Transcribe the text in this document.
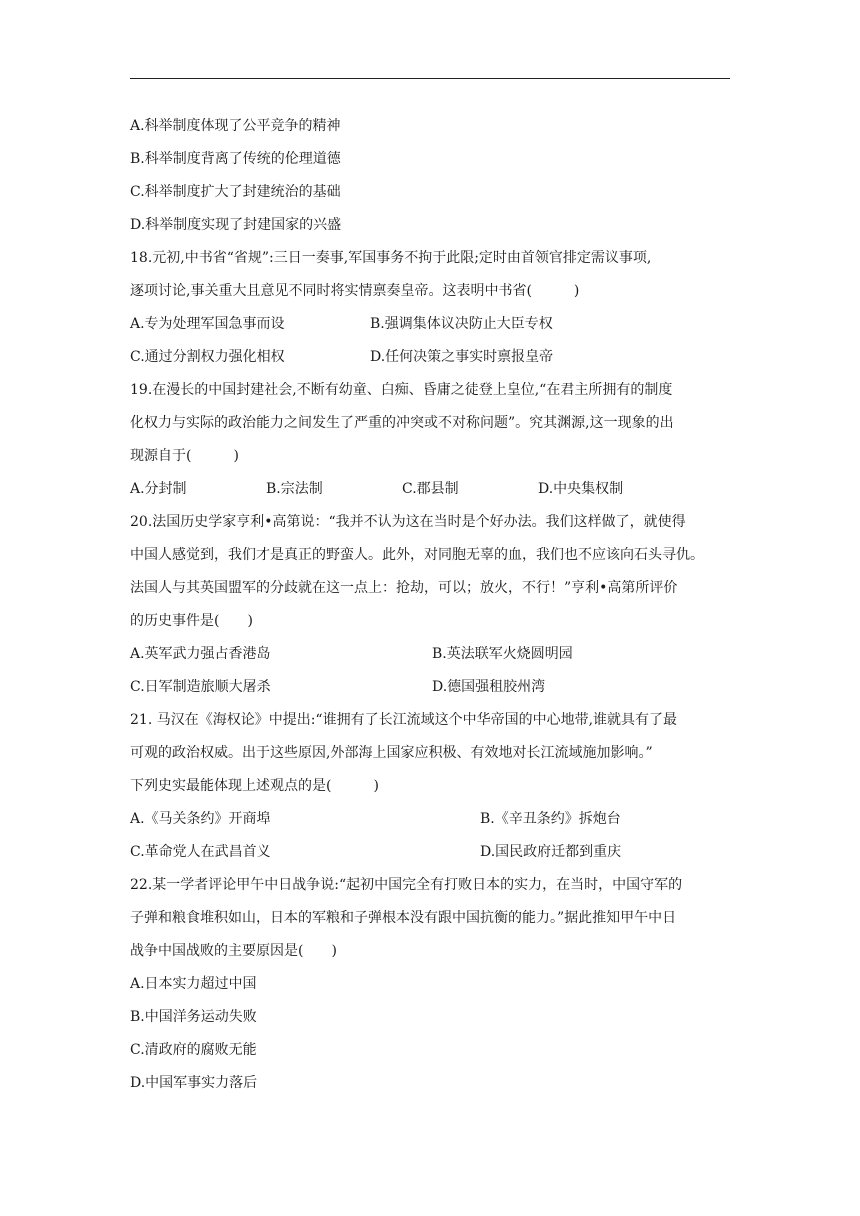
A.科举制度体现了公平竞争的精神
B.科举制度背离了传统的伦理道德
C.科举制度扩大了封建统治的基础
D.科举制度实现了封建国家的兴盛
18.元初,中书省“省规”:三日一奏事,军国事务不拘于此限;定时由首领官排定需议事项,
逐项讨论,事关重大且意见不同时将实情禀奏皇帝。这表明中书省(　　　)
A.专为处理军国急事而设	B.强调集体议决防止大臣专权
C.通过分割权力强化相权	D.任何决策之事实时禀报皇帝
19.在漫长的中国封建社会,不断有幼童、白痴、昏庸之徒登上皇位,“在君主所拥有的制度
化权力与实际的政治能力之间发生了严重的冲突或不对称问题”。究其渊源,这一现象的出
现源自于(　　　)
A.分封制	B.宗法制	C.郡县制	D.中央集权制
20.法国历史学家亨利•高第说：“我并不认为这在当时是个好办法。我们这样做了，就使得
中国人感觉到，我们才是真正的野蛮人。此外，对同胞无辜的血，我们也不应该向石头寻仇。
法国人与其英国盟军的分歧就在这一点上：抢劫，可以；放火，不行！”亨利•高第所评价
的历史事件是(　　)
A.英军武力强占香港岛	B.英法联军火烧圆明园
C.日军制造旅顺大屠杀	D.德国强租胶州湾
21. 马汉在《海权论》中提出:“谁拥有了长江流域这个中华帝国的中心地带,谁就具有了最
可观的政治权威。出于这些原因,外部海上国家应积极、有效地对长江流域施加影响。”
下列史实最能体现上述观点的是(　　　)
A.《马关条约》开商埠	B.《辛丑条约》拆炮台
C.革命党人在武昌首义	D.国民政府迁都到重庆
22.某一学者评论甲午中日战争说:“起初中国完全有打败日本的实力，在当时，中国守军的
子弹和粮食堆积如山，日本的军粮和子弹根本没有跟中国抗衡的能力。”据此推知甲午中日
战争中国战败的主要原因是(　　)
A.日本实力超过中国
B.中国洋务运动失败
C.清政府的腐败无能
D.中国军事实力落后
